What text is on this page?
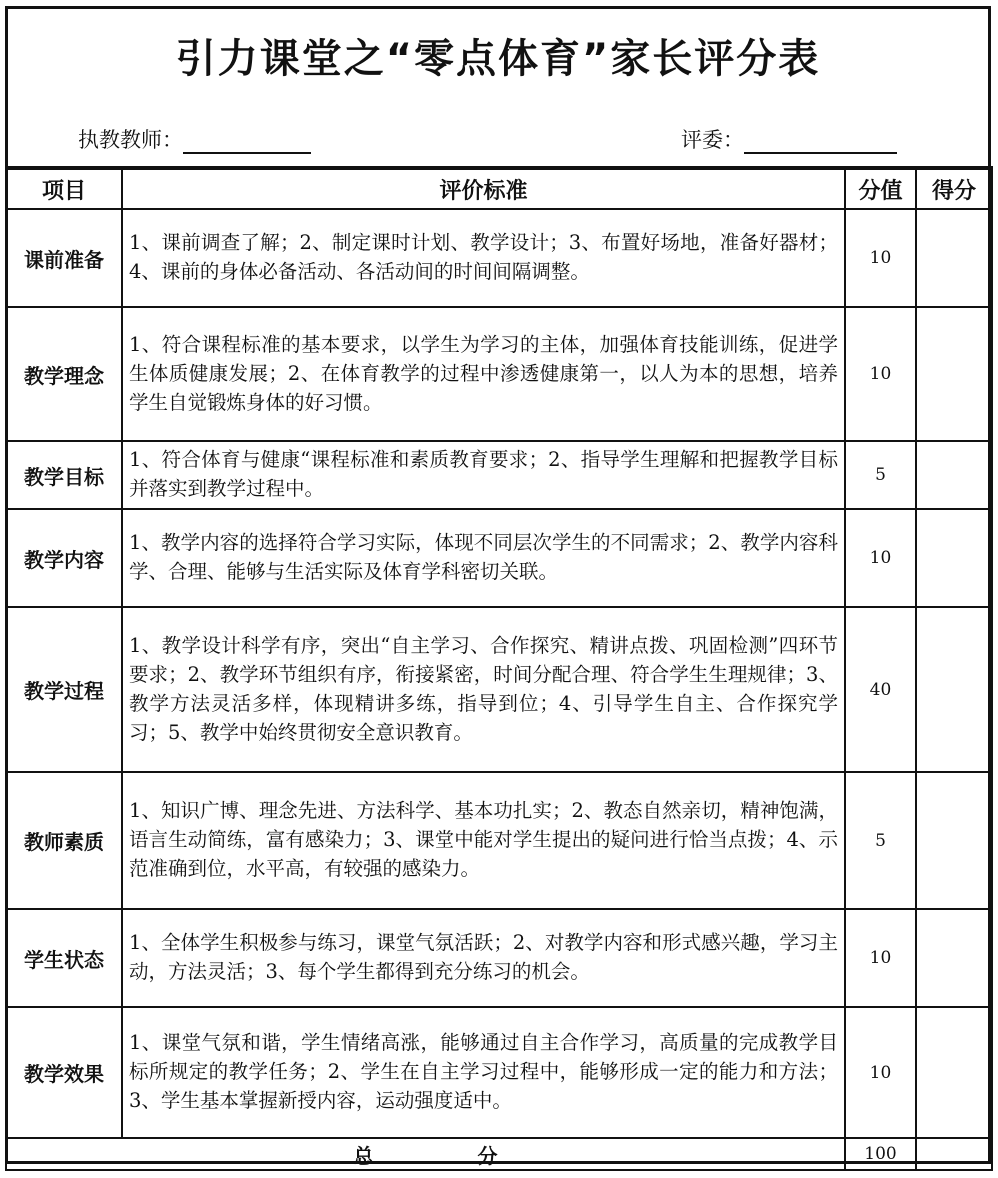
引力课堂之“零点体育”家长评分表
执教教师：	评委：
项目	评价标准	分值	得分
课前准备	1、课前调查了解；2、制定课时计划、教学设计；3、布置好场地，准备好器材；4、课前的身体必备活动、各活动间的时间间隔调整。	10	
教学理念	1、符合课程标准的基本要求，以学生为学习的主体，加强体育技能训练，促进学生体质健康发展；2、在体育教学的过程中渗透健康第一，以人为本的思想，培养学生自觉锻炼身体的好习惯。	10	
教学目标	1、符合体育与健康“课程标准和素质教育要求；2、指导学生理解和把握教学目标并落实到教学过程中。	5	
教学内容	1、教学内容的选择符合学习实际，体现不同层次学生的不同需求；2、教学内容科学、合理、能够与生活实际及体育学科密切关联。	10	
教学过程	1、教学设计科学有序，突出“自主学习、合作探究、精讲点拨、巩固检测”四环节要求；2、教学环节组织有序，衔接紧密，时间分配合理、符合学生生理规律；3、教学方法灵活多样，体现精讲多练，指导到位；4、引导学生自主、合作探究学习；5、教学中始终贯彻安全意识教育。	40	
教师素质	1、知识广博、理念先进、方法科学、基本功扎实；2、教态自然亲切，精神饱满，语言生动简练，富有感染力；3、课堂中能对学生提出的疑问进行恰当点拨；4、示范准确到位，水平高，有较强的感染力。	5	
学生状态	1、全体学生积极参与练习，课堂气氛活跃；2、对教学内容和形式感兴趣，学习主动，方法灵活；3、每个学生都得到充分练习的机会。	10	
教学效果	1、课堂气氛和谐，学生情绪高涨，能够通过自主合作学习，高质量的完成教学目标所规定的教学任务；2、学生在自主学习过程中，能够形成一定的能力和方法；3、学生基本掌握新授内容，运动强度适中。	10	
总 分		100	
